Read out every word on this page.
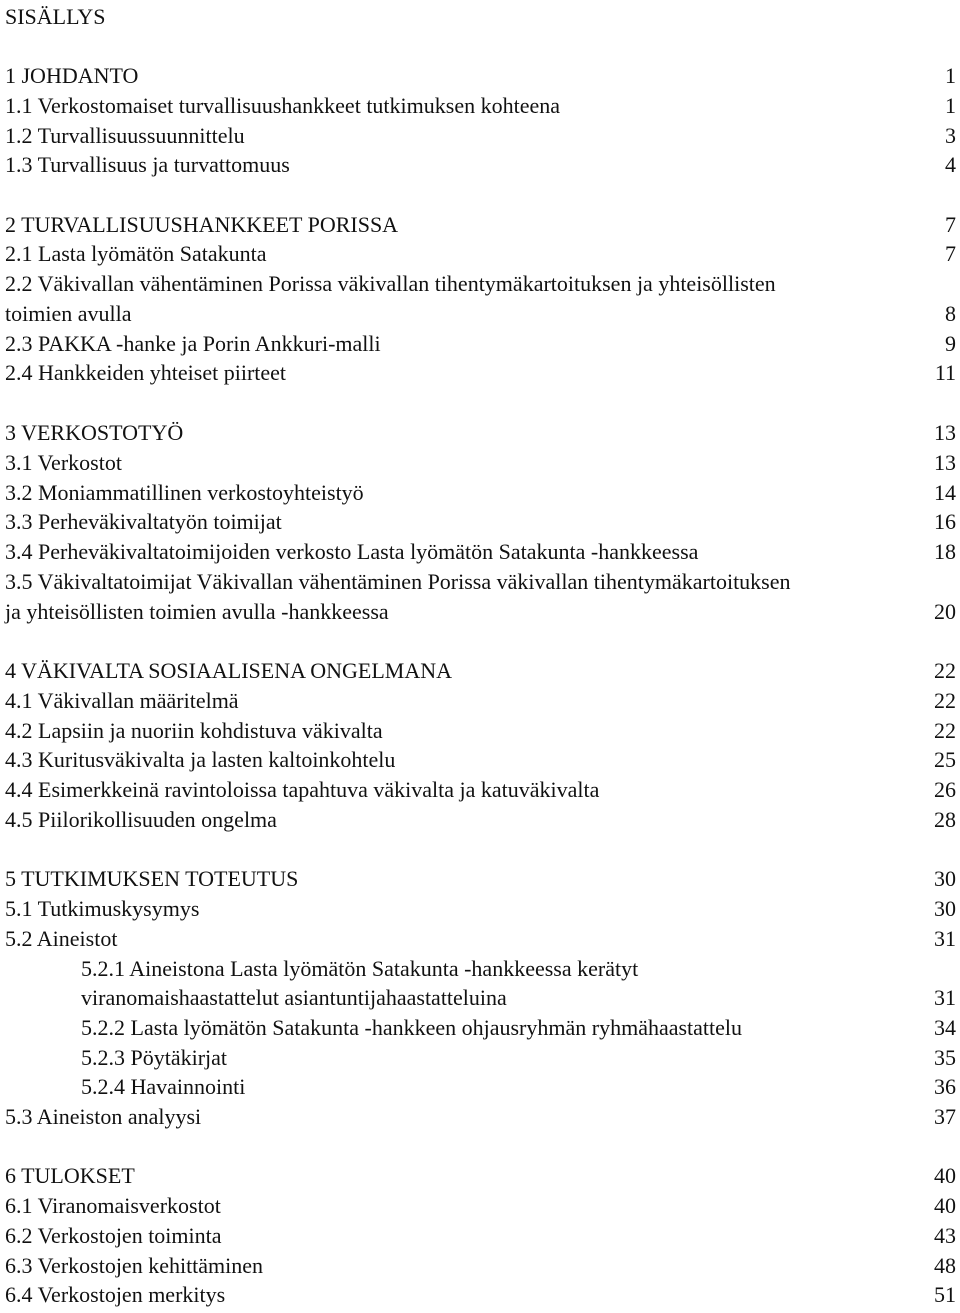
SISÄLLYS
1 JOHDANTO	1
1.1 Verkostomaiset turvallisuushankkeet tutkimuksen kohteena	1
1.2 Turvallisuussuunnittelu	3
1.3 Turvallisuus ja turvattomuus	4
2 TURVALLISUUSHANKKEET PORISSA	7
2.1 Lasta lyömätön Satakunta	7
2.2 Väkivallan vähentäminen Porissa väkivallan tihentymäkartoituksen ja yhteisöllisten
toimien avulla	8
2.3 PAKKA -hanke ja Porin Ankkuri-malli	9
2.4 Hankkeiden yhteiset piirteet	11
3 VERKOSTOTYÖ	13
3.1 Verkostot	13
3.2 Moniammatillinen verkostoyhteistyö	14
3.3 Perheväkivaltatyön toimijat	16
3.4 Perheväkivaltatoimijoiden verkosto Lasta lyömätön Satakunta -hankkeessa	18
3.5 Väkivaltatoimijat Väkivallan vähentäminen Porissa väkivallan tihentymäkartoituksen
ja yhteisöllisten toimien avulla -hankkeessa	20
4 VÄKIVALTA SOSIAALISENA ONGELMANA	22
4.1 Väkivallan määritelmä	22
4.2 Lapsiin ja nuoriin kohdistuva väkivalta	22
4.3 Kuritusväkivalta ja lasten kaltoinkohtelu	25
4.4 Esimerkkeinä ravintoloissa tapahtuva väkivalta ja katuväkivalta	26
4.5 Piilorikollisuuden ongelma	28
5 TUTKIMUKSEN TOTEUTUS	30
5.1 Tutkimuskysymys	30
5.2 Aineistot	31
5.2.1 Aineistona Lasta lyömätön Satakunta -hankkeessa kerätyt
viranomaishaastattelut asiantuntijahaastatteluina	31
5.2.2 Lasta lyömätön Satakunta -hankkeen ohjausryhmän ryhmähaastattelu	34
5.2.3 Pöytäkirjat	35
5.2.4 Havainnointi	36
5.3 Aineiston analyysi	37
6 TULOKSET	40
6.1 Viranomaisverkostot	40
6.2 Verkostojen toiminta	43
6.3 Verkostojen kehittäminen	48
6.4 Verkostojen merkitys	51
